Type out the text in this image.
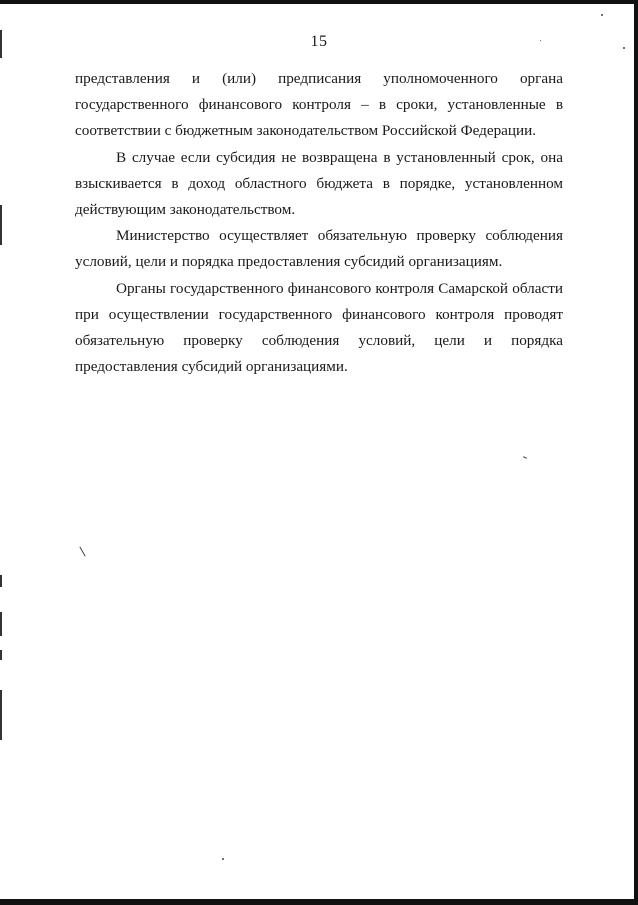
15

представления и (или) предписания уполномоченного органа государственного финансового контроля – в сроки, установленные в соответствии с бюджетным законодательством Российской Федерации.

В случае если субсидия не возвращена в установленный срок, она взыскивается в доход областного бюджета в порядке, установленном действующим законодательством.

Министерство осуществляет обязательную проверку соблюдения условий, цели и порядка предоставления субсидий организациям.

Органы государственного финансового контроля Самарской области при осуществлении государственного финансового контроля проводят обязательную проверку соблюдения условий, цели и порядка предоставления субсидий организациями.
